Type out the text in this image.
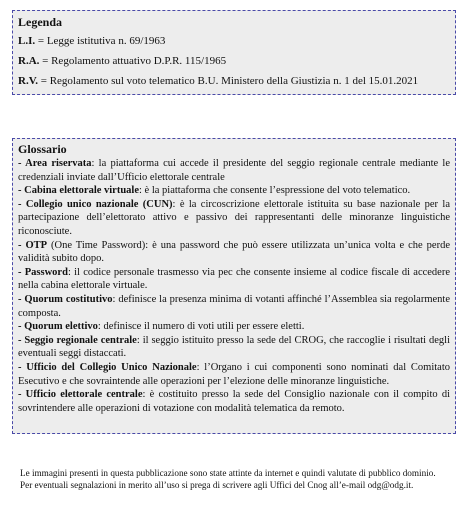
Legenda
L.I. = Legge istitutiva n. 69/1963
R.A. = Regolamento attuativo D.P.R. 115/1965
R.V. = Regolamento sul voto telematico B.U. Ministero della Giustizia n. 1 del 15.01.2021
Glossario
- Area riservata: la piattaforma cui accede il presidente del seggio regionale centrale mediante le credenziali inviate dall’Ufficio elettorale centrale
- Cabina elettorale virtuale: è la piattaforma che consente l’espressione del voto telematico.
- Collegio unico nazionale (CUN): è la circoscrizione elettorale istituita su base nazionale per la partecipazione dell’elettorato attivo e passivo dei rappresentanti delle minoranze linguistiche riconosciute.
- OTP (One Time Password): è una password che può essere utilizzata un’unica volta e che perde validità subito dopo.
- Password: il codice personale trasmesso via pec che consente insieme al codice fiscale di accedere nella cabina elettorale virtuale.
- Quorum costitutivo: definisce la presenza minima di votanti affinché l’Assemblea sia regolarmente composta.
- Quorum elettivo: definisce il numero di voti utili per essere eletti.
- Seggio regionale centrale: il seggio istituito presso la sede del CROG, che raccoglie i risultati degli eventuali seggi distaccati.
- Ufficio del Collegio Unico Nazionale: l’Organo i cui componenti sono nominati dal Comitato Esecutivo e che sovraintende alle operazioni per l’elezione delle minoranze linguistiche.
- Ufficio elettorale centrale: è costituito presso la sede del Consiglio nazionale con il compito di sovrintendere alle operazioni di votazione con modalità telematica da remoto.
Le immagini presenti in questa pubblicazione sono state attinte da internet e quindi valutate di pubblico dominio.
Per eventuali segnalazioni in merito all’uso si prega di scrivere agli Uffici del Cnog all’e-mail odg@odg.it.
